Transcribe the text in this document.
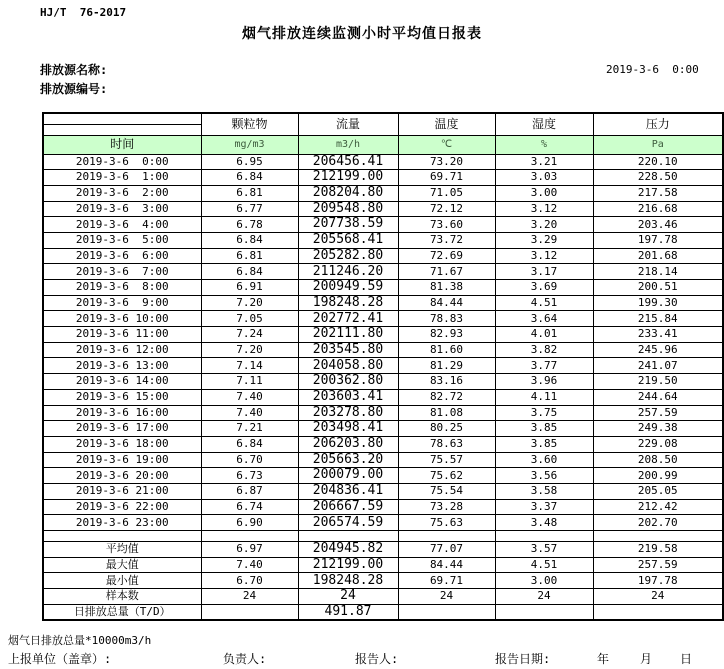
HJ/T  76-2017
烟气排放连续监测小时平均值日报表
排放源名称:
排放源编号:
2019-3-6  0:00
	颗粒物	流量	温度	湿度	压力

时间	mg/m3	m3/h	℃	%	Pa
2019-3-6  0:00	6.95	206456.41	73.20	3.21	220.10
2019-3-6  1:00	6.84	212199.00	69.71	3.03	228.50
2019-3-6  2:00	6.81	208204.80	71.05	3.00	217.58
2019-3-6  3:00	6.77	209548.80	72.12	3.12	216.68
2019-3-6  4:00	6.78	207738.59	73.60	3.20	203.46
2019-3-6  5:00	6.84	205568.41	73.72	3.29	197.78
2019-3-6  6:00	6.81	205282.80	72.69	3.12	201.68
2019-3-6  7:00	6.84	211246.20	71.67	3.17	218.14
2019-3-6  8:00	6.91	200949.59	81.38	3.69	200.51
2019-3-6  9:00	7.20	198248.28	84.44	4.51	199.30
2019-3-6 10:00	7.05	202772.41	78.83	3.64	215.84
2019-3-6 11:00	7.24	202111.80	82.93	4.01	233.41
2019-3-6 12:00	7.20	203545.80	81.60	3.82	245.96
2019-3-6 13:00	7.14	204058.80	81.29	3.77	241.07
2019-3-6 14:00	7.11	200362.80	83.16	3.96	219.50
2019-3-6 15:00	7.40	203603.41	82.72	4.11	244.64
2019-3-6 16:00	7.40	203278.80	81.08	3.75	257.59
2019-3-6 17:00	7.21	203498.41	80.25	3.85	249.38
2019-3-6 18:00	6.84	206203.80	78.63	3.85	229.08
2019-3-6 19:00	6.70	205663.20	75.57	3.60	208.50
2019-3-6 20:00	6.73	200079.00	75.62	3.56	200.99
2019-3-6 21:00	6.87	204836.41	75.54	3.58	205.05
2019-3-6 22:00	6.74	206667.59	73.28	3.37	212.42
2019-3-6 23:00	6.90	206574.59	75.63	3.48	202.70

平均值	6.97	204945.82	77.07	3.57	219.58
最大值	7.40	212199.00	84.44	4.51	257.59
最小值	6.70	198248.28	69.71	3.00	197.78
样本数	24	24	24	24	24
日排放总量（T/D）		491.87			
烟气日排放总量*10000m3/h
上报单位（盖章）:	负责人:	报告人:	报告日期:	年	月 日
